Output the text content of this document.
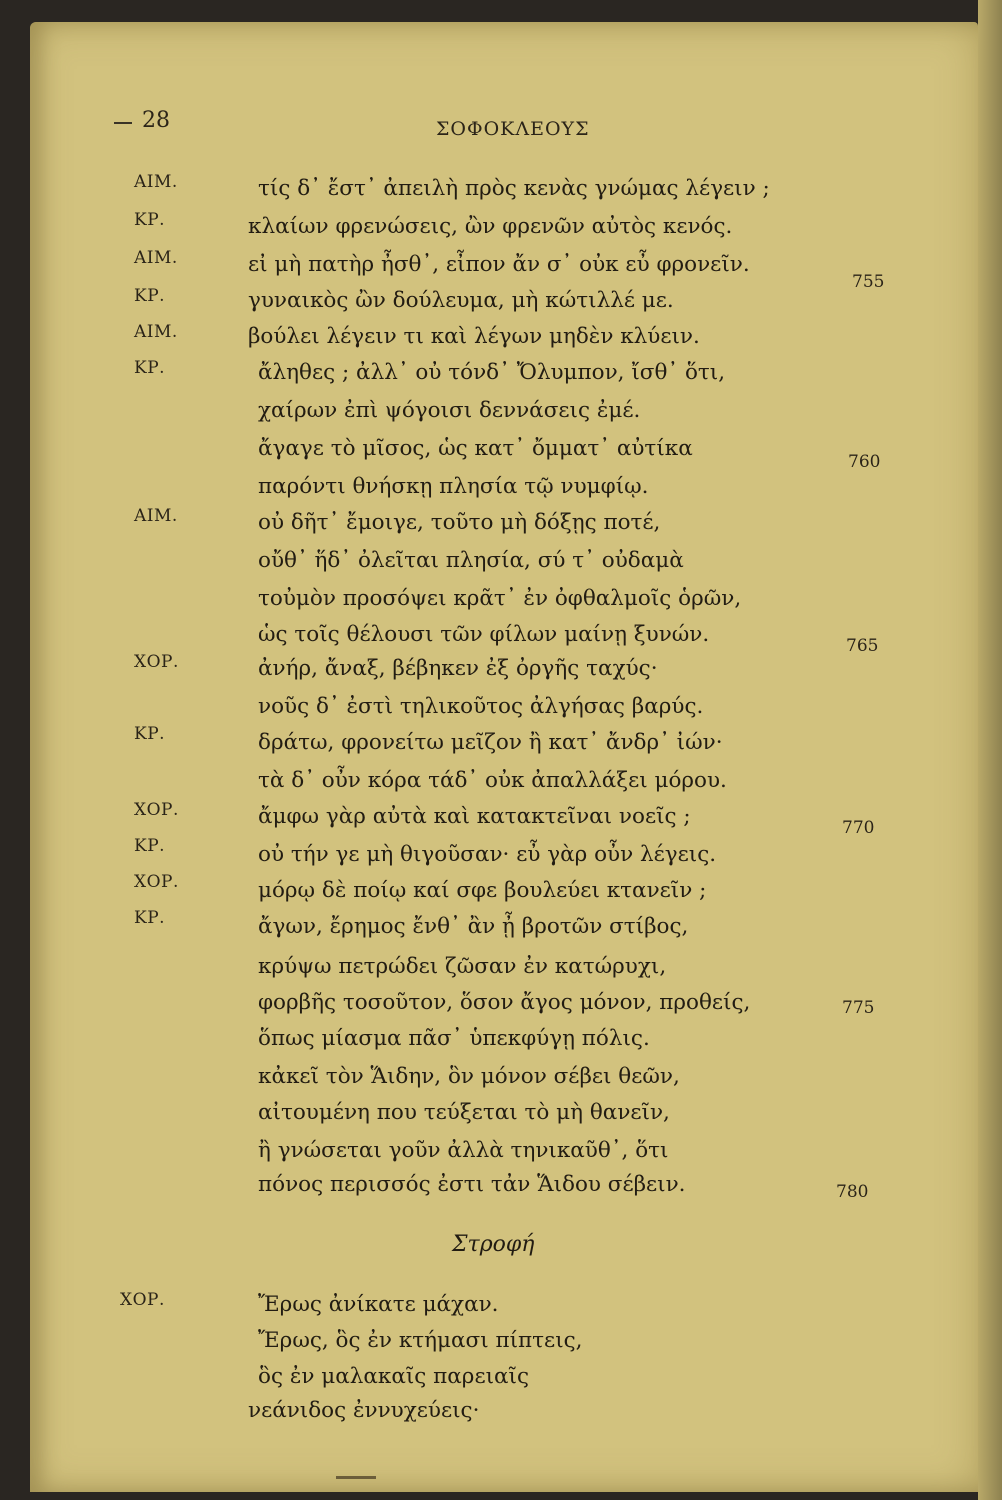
28	ΣΟΦΟΚΛΕΟΥΣ
ΑΙΜ.
ΚΡ.
ΑΙΜ.
ΚΡ.
ΑΙΜ.
ΚΡ.
ΑΙΜ.
ΧΟΡ.
ΚΡ.
ΧΟΡ.
ΚΡ.
ΧΟΡ.
ΚΡ.
ΧΟΡ.
τίς δ᾽ ἔστ᾽ ἀπειλὴ πρὸς κενὰς γνώμας λέγειν ;
κλαίων φρενώσεις, ὢν φρενῶν αὐτὸς κενός.
εἰ μὴ πατὴρ ἦσθ᾽, εἶπον ἄν σ᾽ οὐκ εὖ φρονεῖν.
γυναικὸς ὢν δούλευμα, μὴ κώτιλλέ με.
βούλει λέγειν τι καὶ λέγων μηδὲν κλύειν.
ἄληθες ; ἀλλ᾽ οὐ τόνδ᾽ Ὄλυμπον, ἴσθ᾽ ὅτι,
χαίρων ἐπὶ ψόγοισι δεννάσεις ἐμέ.
ἄγαγε τὸ μῖσος, ὡς κατ᾽ ὄμματ᾽ αὐτίκα
παρόντι θνήσκῃ πλησία τῷ νυμφίῳ.
οὐ δῆτ᾽ ἔμοιγε, τοῦτο μὴ δόξῃς ποτέ,
οὔθ᾽ ἥδ᾽ ὀλεῖται πλησία, σύ τ᾽ οὐδαμὰ
τοὐμὸν προσόψει κρᾶτ᾽ ἐν ὀφθαλμοῖς ὁρῶν,
ὡς τοῖς θέλουσι τῶν φίλων μαίνῃ ξυνών.
ἀνήρ, ἄναξ, βέβηκεν ἐξ ὀργῆς ταχύς·
νοῦς δ᾽ ἐστὶ τηλικοῦτος ἀλγήσας βαρύς.
δράτω, φρονείτω μεῖζον ἢ κατ᾽ ἄνδρ᾽ ἰών·
τὰ δ᾽ οὖν κόρα τάδ᾽ οὐκ ἀπαλλάξει μόρου.
ἄμφω γὰρ αὐτὰ καὶ κατακτεῖναι νοεῖς ;
οὐ τήν γε μὴ θιγοῦσαν· εὖ γὰρ οὖν λέγεις.
μόρῳ δὲ ποίῳ καί σφε βουλεύει κτανεῖν ;
ἄγων, ἔρημος ἔνθ᾽ ἂν ᾖ βροτῶν στίβος,
κρύψω πετρώδει ζῶσαν ἐν κατώρυχι,
φορβῆς τοσοῦτον, ὅσον ἄγος μόνον, προθείς,
ὅπως μίασμα πᾶσ᾽ ὑπεκφύγῃ πόλις.
κἀκεῖ τὸν Ἅιδην, ὃν μόνον σέβει θεῶν,
αἰτουμένη που τεύξεται τὸ μὴ θανεῖν,
ἢ γνώσεται γοῦν ἀλλὰ τηνικαῦθ᾽, ὅτι
πόνος περισσός ἐστι τἀν Ἅιδου σέβειν.
Στροφή
Ἔρως ἀνίκατε μάχαν.
Ἔρως, ὃς ἐν κτήμασι πίπτεις,
ὃς ἐν μαλακαῖς παρειαῖς
νεάνιδος ἐννυχεύεις·
755
760
765
770
775
780
